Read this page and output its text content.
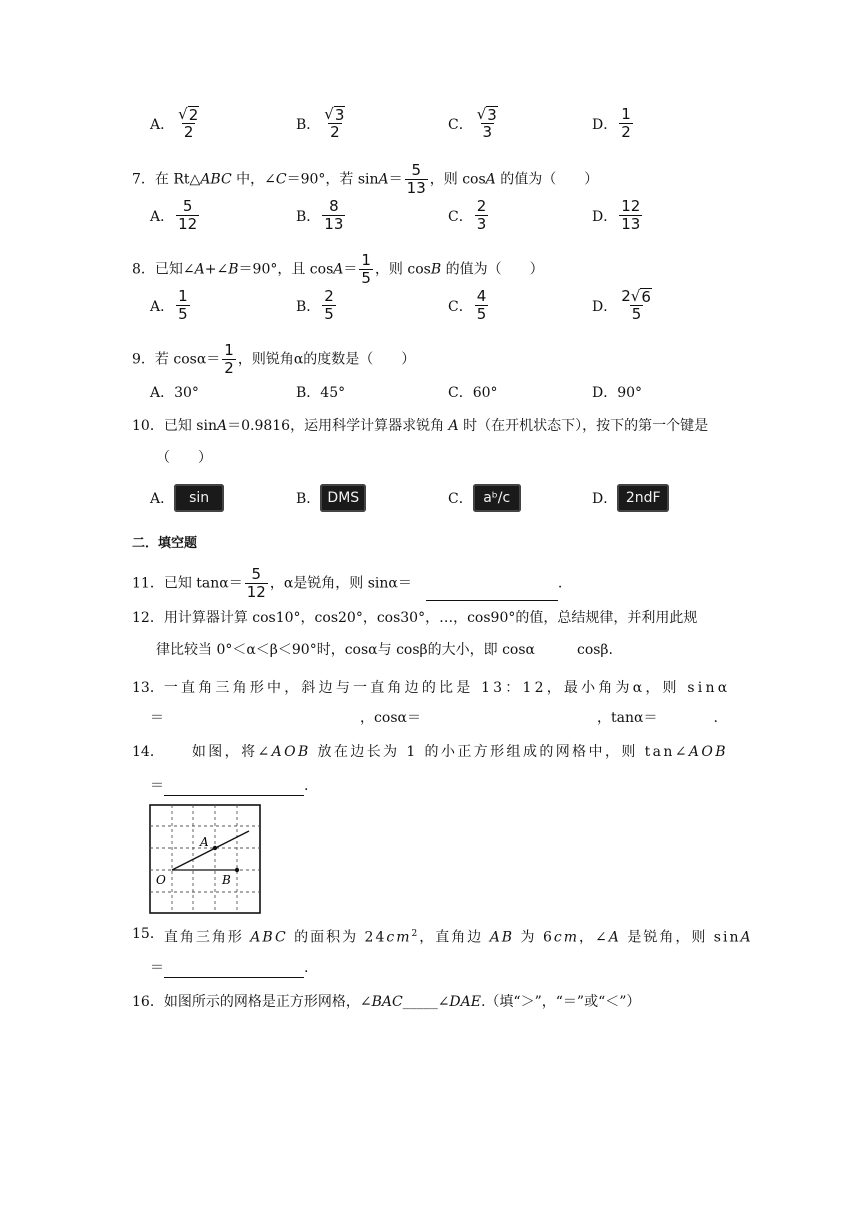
A． $\frac{√ 2}{2}$	B． $\frac{√ 3}{2}$	C． $\frac{√ 3}{3}$	D． $\frac{1}{2}$
7．在 Rt△ABC 中，∠C＝90°，若 $\sin A= \frac{5}{13}$ ，则 cosA 的值为（　　）
A． $\frac{5}{12}$	B． $\frac{8}{13}$	C． $\frac{2}{3}$	D． $\frac{12}{13}$
8．已知∠A+∠B＝90°，且 $\cos A= \frac{1}{5}$ ，则 cosB 的值为（　　）
A． $\frac{1}{5}$	B． $\frac{2}{5}$	C． $\frac{4}{5}$	D． $\frac{2√ 6}{5}$
9．若 $\cos\alpha= \frac{1}{2}$ ，则锐角α的度数是（　　）
A．30°	B．45°	C．60°	D．90°
10．已知 sinA＝0.9816，运用科学计算器求锐角 A 时（在开机状态下），按下的第一个键是
（　　）
A．	sin	B． DMS	C． aᵇ/c	D． 2ndF
二．填空题
11．已知 $\tan\alpha= \frac{5}{12}$ ，α是锐角，则 sinα＝	.
12．用计算器计算 cos10°，cos20°，cos30°，…，cos90°的值，总结规律，并利用此规
律比较当 0°＜α＜β＜90°时，cosα与 cosβ的大小，即 cosα　　　cosβ.
13． 一直角三角形中，斜边与一直角边的比是 13：12，最小角为α，则 sinα
＝	，cosα＝	，tanα＝	.
14． 如图，将∠AOB 放在边长为 1 的小正方形组成的网格中，则 tan∠AOB
＝	.
A
O	B
15． 直角三角形 ABC 的面积为 $24cm^2$，直角边 AB 为 6cm，∠A 是锐角，则 sinA
＝	.
16．如图所示的网格是正方形网格，∠BAC_____∠DAE.（填“＞”，“＝”或“＜”）
